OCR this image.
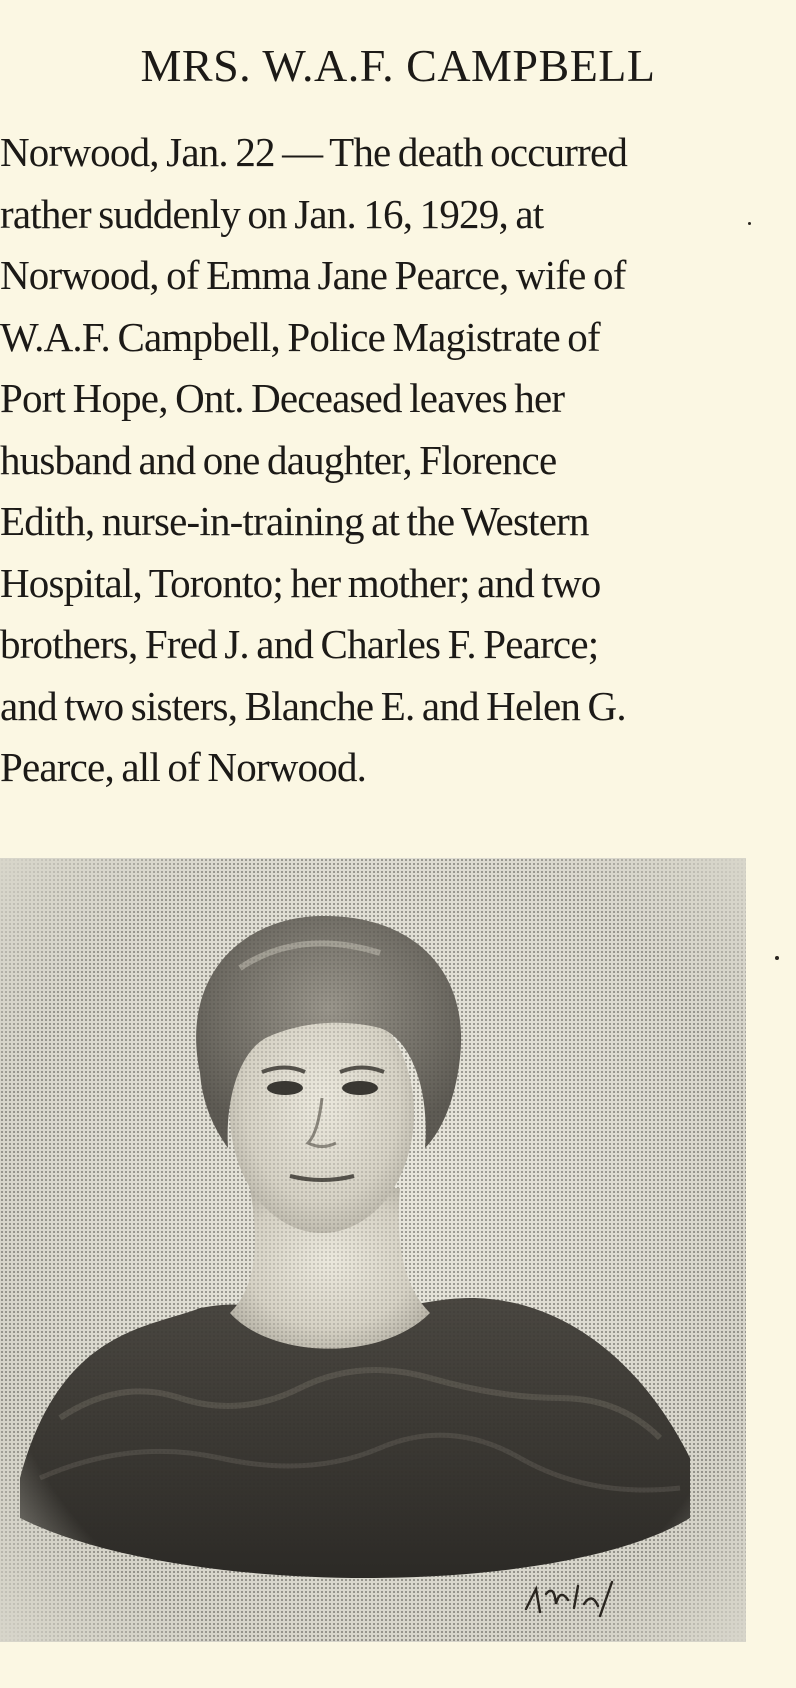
MRS. W.A.F. CAMPBELL

Norwood, Jan. 22 — The death occurred
rather suddenly on Jan. 16, 1929, at
Norwood, of Emma Jane Pearce, wife of
W.A.F. Campbell, Police Magistrate of
Port Hope, Ont. Deceased leaves her
husband and one daughter, Florence
Edith, nurse-in-training at the Western
Hospital, Toronto; her mother; and two
brothers, Fred J. and Charles F. Pearce;
and two sisters, Blanche E. and Helen G.
Pearce, all of Norwood.
